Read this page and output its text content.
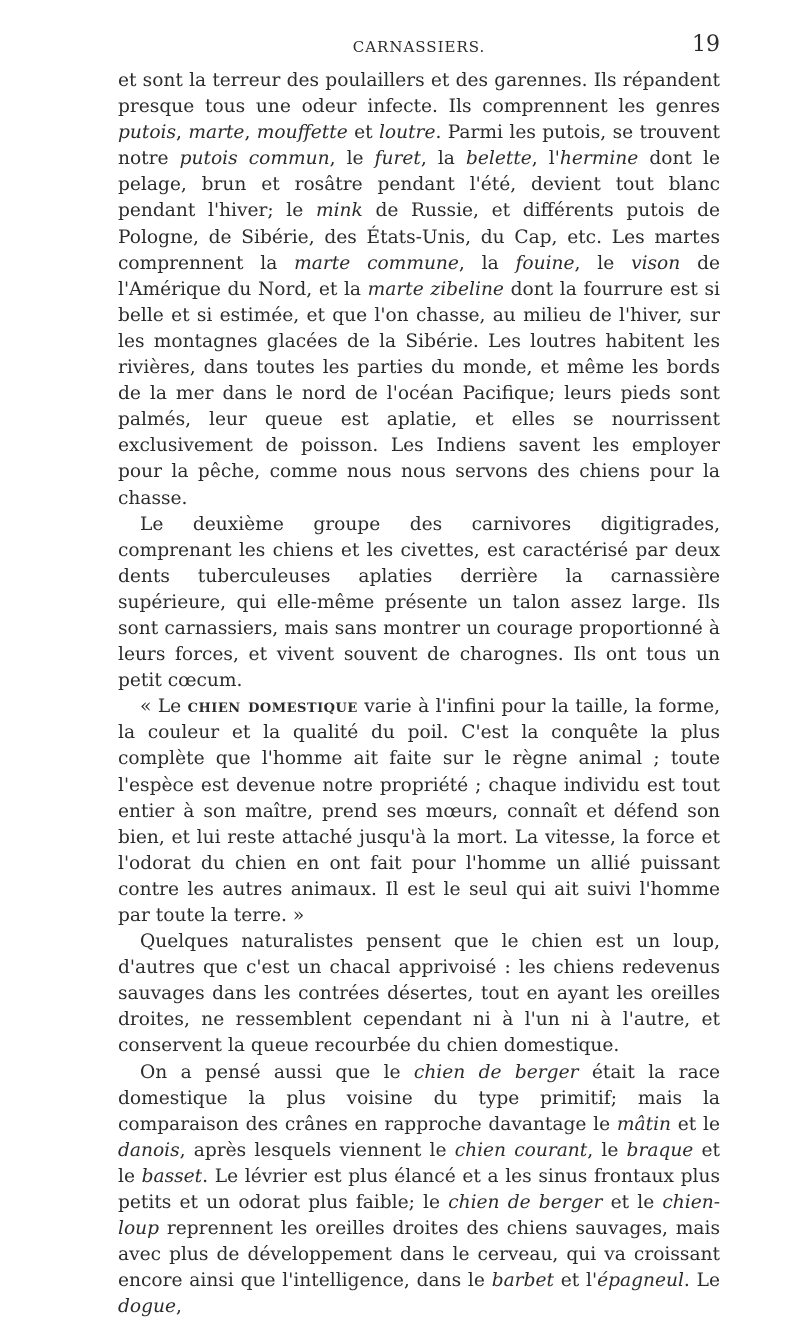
CARNASSIERS.	19

et sont la terreur des poulaillers et des garennes. Ils répandent presque tous une odeur infecte. Ils comprennent les genres putois, marte, mouffette et loutre. Parmi les putois, se trouvent notre putois commun, le furet, la belette, l'hermine dont le pelage, brun et rosâtre pendant l'été, devient tout blanc pendant l'hiver; le mink de Russie, et différents putois de Pologne, de Sibérie, des États-Unis, du Cap, etc. Les martes comprennent la marte commune, la fouine, le vison de l'Amérique du Nord, et la marte zibeline dont la fourrure est si belle et si estimée, et que l'on chasse, au milieu de l'hiver, sur les montagnes glacées de la Sibérie. Les loutres habitent les rivières, dans toutes les parties du monde, et même les bords de la mer dans le nord de l'océan Pacifique; leurs pieds sont palmés, leur queue est aplatie, et elles se nourrissent exclusivement de poisson. Les Indiens savent les employer pour la pêche, comme nous nous servons des chiens pour la chasse.

Le deuxième groupe des carnivores digitigrades, comprenant les chiens et les civettes, est caractérisé par deux dents tuberculeuses aplaties derrière la carnassière supérieure, qui elle-même présente un talon assez large. Ils sont carnassiers, mais sans montrer un courage proportionné à leurs forces, et vivent souvent de charognes. Ils ont tous un petit cœcum.

« Le chien domestique varie à l'infini pour la taille, la forme, la couleur et la qualité du poil. C'est la conquête la plus complète que l'homme ait faite sur le règne animal ; toute l'espèce est devenue notre propriété ; chaque individu est tout entier à son maître, prend ses mœurs, connaît et défend son bien, et lui reste attaché jusqu'à la mort. La vitesse, la force et l'odorat du chien en ont fait pour l'homme un allié puissant contre les autres animaux. Il est le seul qui ait suivi l'homme par toute la terre. »

Quelques naturalistes pensent que le chien est un loup, d'autres que c'est un chacal apprivoisé : les chiens redevenus sauvages dans les contrées désertes, tout en ayant les oreilles droites, ne ressemblent cependant ni à l'un ni à l'autre, et conservent la queue recourbée du chien domestique.

On a pensé aussi que le chien de berger était la race domestique la plus voisine du type primitif; mais la comparaison des crânes en rapproche davantage le mâtin et le danois, après lesquels viennent le chien courant, le braque et le basset. Le lévrier est plus élancé et a les sinus frontaux plus petits et un odorat plus faible; le chien de berger et le chien-loup reprennent les oreilles droites des chiens sauvages, mais avec plus de développement dans le cerveau, qui va croissant encore ainsi que l'intelligence, dans le barbet et l'épagneul. Le dogue,
